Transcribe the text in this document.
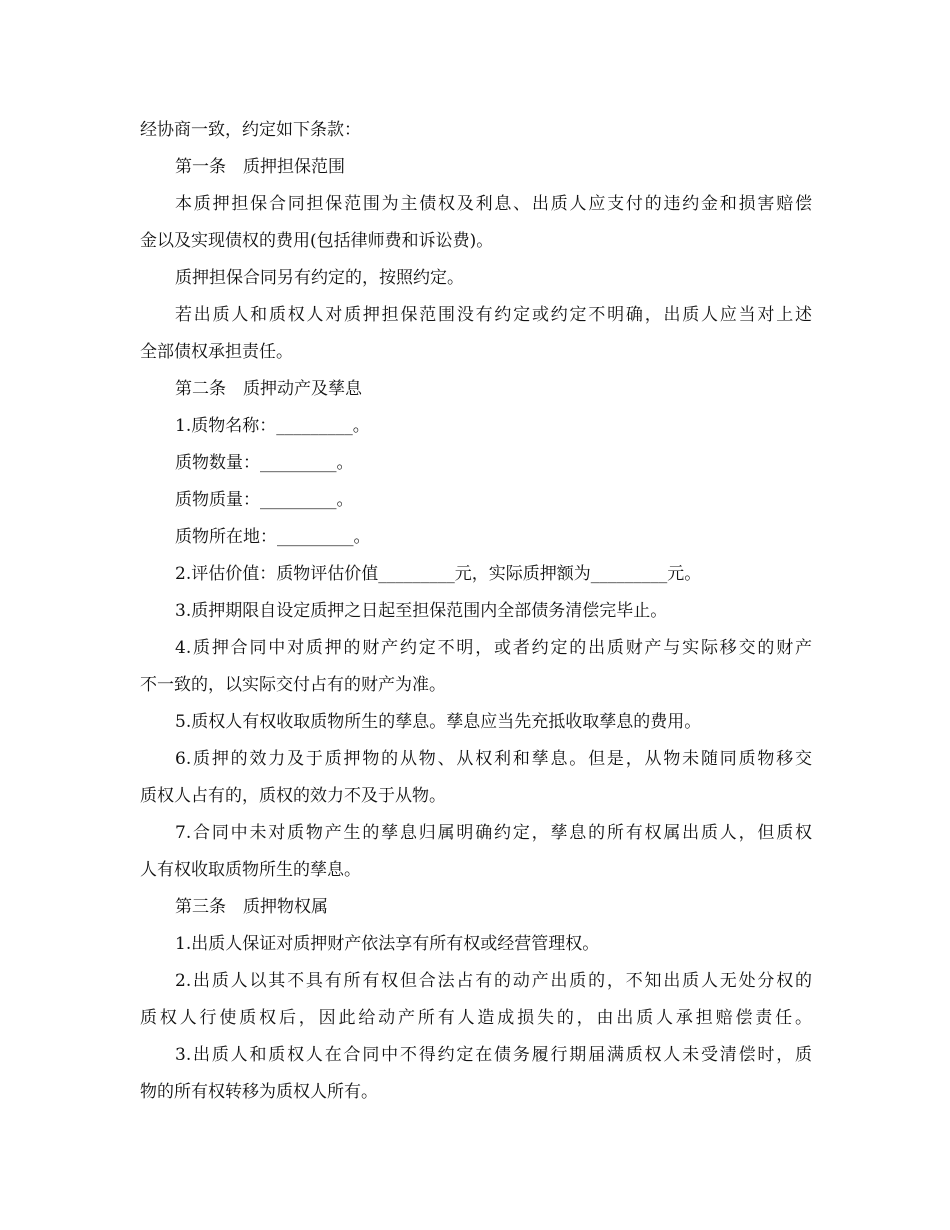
经协商一致，约定如下条款：
第一条　质押担保范围
本质押担保合同担保范围为主债权及利息、出质人应支付的违约金和损害赔偿
金以及实现债权的费用(包括律师费和诉讼费)。
质押担保合同另有约定的，按照约定。
若出质人和质权人对质押担保范围没有约定或约定不明确，出质人应当对上述
全部债权承担责任。
第二条　质押动产及孳息
1.质物名称：_________。
质物数量：_________。
质物质量：_________。
质物所在地：_________。
2.评估价值：质物评估价值_________元，实际质押额为_________元。
3.质押期限自设定质押之日起至担保范围内全部债务清偿完毕止。
4.质押合同中对质押的财产约定不明，或者约定的出质财产与实际移交的财产
不一致的，以实际交付占有的财产为准。
5.质权人有权收取质物所生的孳息。孳息应当先充抵收取孳息的费用。
6.质押的效力及于质押物的从物、从权利和孳息。但是，从物未随同质物移交
质权人占有的，质权的效力不及于从物。
7.合同中未对质物产生的孳息归属明确约定，孳息的所有权属出质人，但质权
人有权收取质物所生的孳息。
第三条　质押物权属
1.出质人保证对质押财产依法享有所有权或经营管理权。
2.出质人以其不具有所有权但合法占有的动产出质的，不知出质人无处分权的
质权人行使质权后，因此给动产所有人造成损失的，由出质人承担赔偿责任。
3.出质人和质权人在合同中不得约定在债务履行期届满质权人未受清偿时，质
物的所有权转移为质权人所有。
